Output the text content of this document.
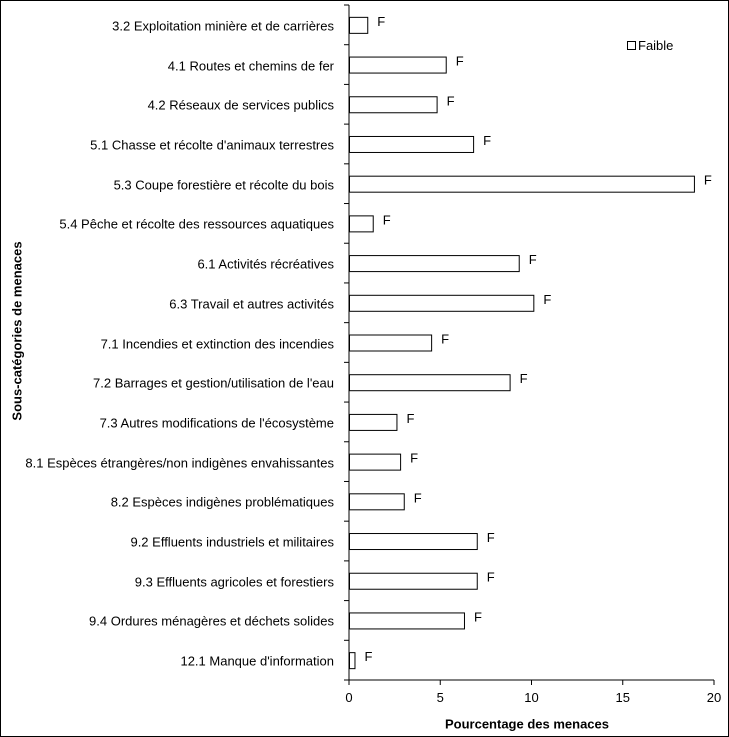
0	5	10	15	20
F
F
F
F
F
F
F
F
F
F
F
F
F
F
F
F
F
3.2 Exploitation minière et de carrières
4.1 Routes et chemins de fer
4.2 Réseaux de services publics
5.1 Chasse et récolte d'animaux terrestres
5.3 Coupe forestière et récolte du bois
5.4 Pêche et récolte des ressources aquatiques
6.1 Activités récréatives
6.3 Travail et autres activités
7.1 Incendies et extinction des incendies
7.2 Barrages et gestion/utilisation de l'eau
7.3 Autres modifications de l'écosystème
8.1 Espèces étrangères/non indigènes envahissantes
8.2 Espèces indigènes problématiques
9.2 Effluents industriels et militaires
9.3 Effluents agricoles et forestiers
9.4 Ordures ménagères et déchets solides
12.1 Manque d'information
Sous-catégories de menaces
Pourcentage des menaces
Faible
